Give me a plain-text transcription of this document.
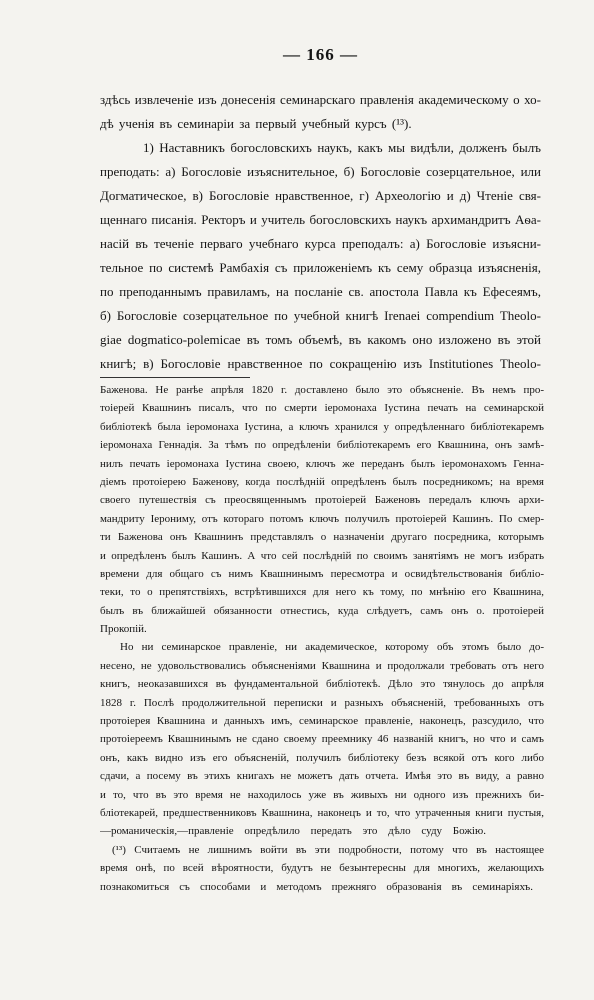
— 166 —
здѣсь извлеченіе изъ донесенія семинарскаго правленія академическому о хо-
дѣ ученія въ семинаріи за первый учебный курсъ (¹³).
1) Наставникъ богословскихъ наукъ, какъ мы видѣли, долженъ былъ
преподать: а) Богословіе изъяснительное, б) Богословіе созерцательное, или
Догматическое, в) Богословіе нравственное, г) Археологію и д) Чтеніе свя-
щеннаго писанія. Ректоръ и учитель богословскихъ наукъ архимандритъ Аѳа-
насій въ теченіе перваго учебнаго курса преподалъ: а) Богословіе изъясни-
тельное по системѣ Рамбахія съ приложеніемъ къ сему образца изъясненія,
по преподаннымъ правиламъ, на посланіе св. апостола Павла къ Ефесеямъ,
б) Богословіе созерцательное по учебной книгѣ Irenaei compendium Theolo-
giae dogmatico-polemicae въ томъ объемѣ, въ какомъ оно изложено въ этой
книгѣ; в) Богословіе нравственное по сокращенію изъ Institutiones Theolo-
Баженова. Не ранѣе апрѣля 1820 г. доставлено было это объясненіе. Въ немъ про-
тоіерей Квашнинъ писалъ, что по смерти іеромонаха Іустина печать на семинарской
библіотекѣ была іеромонаха Іустина, а ключъ хранился у опредѣленнаго библіотекаремъ
іеромонаха Геннадія. За тѣмъ по опредѣленіи библіотекаремъ его Квашнина, онъ замѣ-
нилъ печать іеромонаха Іустина своею, ключъ же переданъ былъ іеромонахомъ Генна-
діемъ протоіерею Баженову, когда послѣдній опредѣленъ былъ посредникомъ; на время
своего путешествія съ преосвященнымъ протоіерей Баженовъ передалъ ключъ архи-
мандриту Іерониму, отъ котораго потомъ ключъ получилъ протоіерей Кашинъ. По смер-
ти Баженова онъ Квашнинъ представлялъ о назначеніи другаго посредника, которымъ
и опредѣленъ былъ Кашинъ. А что сей послѣдній по своимъ занятіямъ не могъ избрать
времени для общаго съ нимъ Квашнинымъ пересмотра и освидѣтельствованія библіо-
теки, то о препятствіяхъ, встрѣтившихся для него къ тому, по мнѣнію его Квашнина,
былъ въ ближайшей обязанности отнестись, куда слѣдуетъ, самъ онъ о. протоіерей
Прокопій.
Но ни семинарское правленіе, ни академическое, которому объ этомъ было до-
несено, не удовольствовались объясненіями Квашнина и продолжали требовать отъ него
книгъ, неоказавшихся въ фундаментальной библіотекѣ. Дѣло это тянулось до апрѣля
1828 г. Послѣ продолжительной переписки и разныхъ объясненій, требованныхъ отъ
протоіерея Квашнина и данныхъ имъ, семинарское правленіе, наконецъ, разсудило, что
протоіереемъ Квашнинымъ не сдано своему преемнику 46 названій книгъ, но что и самъ
онъ, какъ видно изъ его объясненій, получилъ библіотеку безъ всякой отъ кого либо
сдачи, а посему въ этихъ книгахъ не можетъ дать отчета. Имѣя это въ виду, а равно
и то, что въ это время не находилось уже въ живыхъ ни одного изъ прежнихъ би-
бліотекарей, предшественниковъ Квашнина, наконецъ и то, что утраченныя книги пустыя,
—романическія,—правленіе опредѣлило передать это дѣло суду Божію.
(¹³) Считаемъ не лишнимъ войти въ эти подробности, потому что въ настоящее
время онѣ, по всей вѣроятности, будутъ не безынтересны для многихъ, желающихъ
познакомиться съ способами и методомъ прежняго образованія въ семинаріяхъ.
